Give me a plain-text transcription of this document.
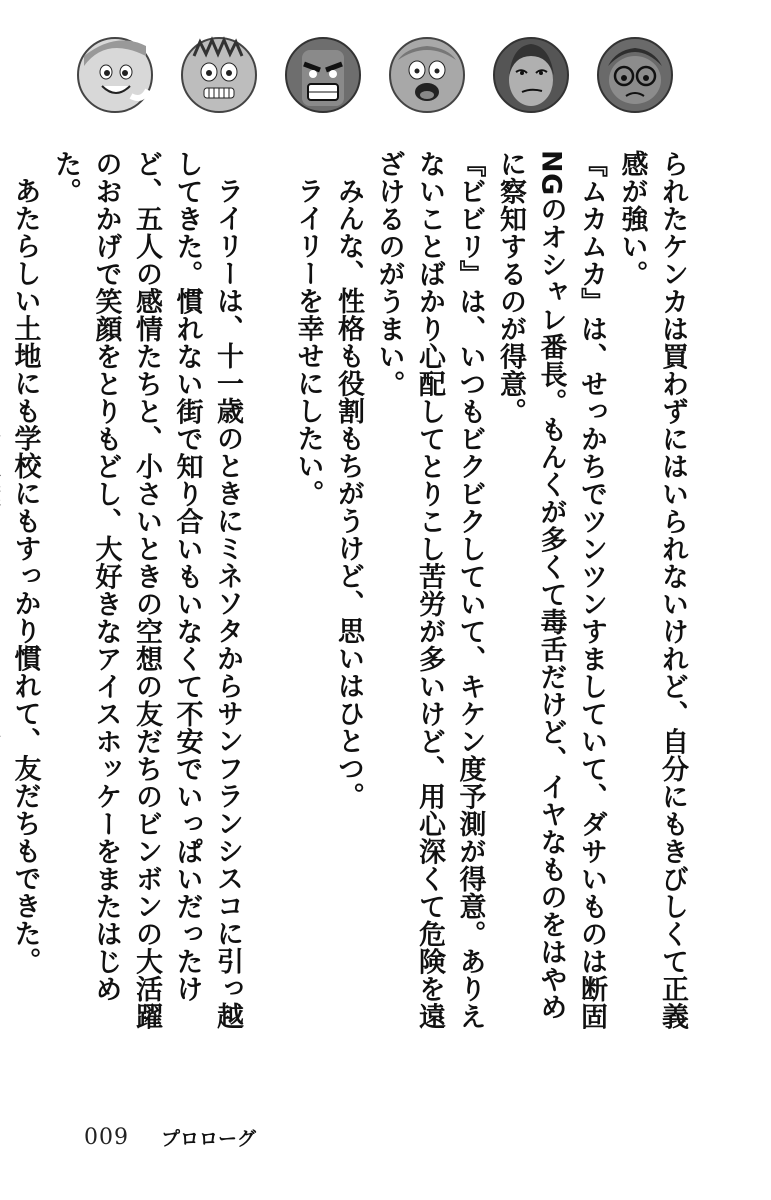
られたケンカは買わずにはいられないけれど、自分にもきびしくて正義感が強い。

『ムカムカ』は、せっかちでツンツンすましていて、ダサいものは断固NGのオシャレ番長。もんくが多くて毒舌だけど、イヤなものをはやめに察知するのが得意。

『ビビリ』は、いつもビクビクしていて、キケン度予測が得意。ありえないことばかり心配してとりこし苦労が多いけど、用心深くて危険を遠ざけるのがうまい。

みんな、性格も役割もちがうけど、思いはひとつ。

ライリーを幸せにしたい。

ライリーは、十一歳のときにミネソタからサンフランシスコに引っ越してきた。慣れない街で知り合いもいなくて不安でいっぱいだったけど、五人の感情たちと、小さいときの空想の友だちのビンボンの大活躍のおかげで笑顔をとりもどし、大好きなアイスホッケーをまたはじめた。

あたらしい土地にも学校にもすっかり慣れて、友だちもできた。

009 プロローグ
